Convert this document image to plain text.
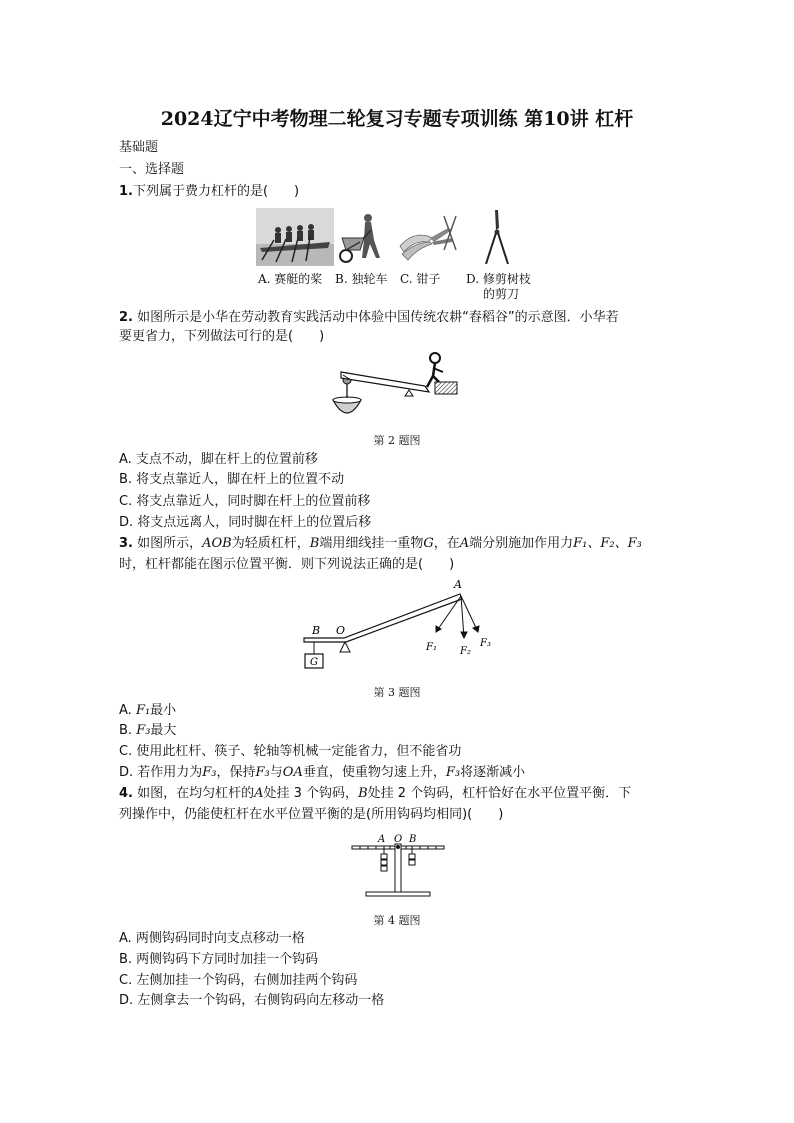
2024辽宁中考物理二轮复习专题专项训练 第10讲 杠杆
基础题
一、选择题
1.下列属于费力杠杆的是(　　)
A. 赛艇的桨 B. 独轮车 C. 钳子 D. 修剪树枝
的剪刀
2. 如图所示是小华在劳动教育实践活动中体验中国传统农耕“舂稻谷”的示意图．小华若
要更省力，下列做法可行的是(　　)
第 2 题图
A. 支点不动，脚在杆上的位置前移
B. 将支点靠近人，脚在杆上的位置不动
C. 将支点靠近人，同时脚在杆上的位置前移
D. 将支点远离人，同时脚在杆上的位置后移
3. 如图所示，AOB为轻质杠杆，B端用细线挂一重物G，在A端分别施加作用力F₁、F₂、F₃
时，杠杆都能在图示位置平衡．则下列说法正确的是(　　)
A
B O
G
F₁ F₂
F₃
第 3 题图
A. F₁最小
B. F₃最大
C. 使用此杠杆、筷子、轮轴等机械一定能省力，但不能省功
D. 若作用力为F₃，保持F₃与OA垂直，使重物匀速上升，F₃将逐渐减小
4. 如图，在均匀杠杆的A处挂 3 个钩码，B处挂 2 个钩码，杠杆恰好在水平位置平衡．下
列操作中，仍能使杠杆在水平位置平衡的是(所用钩码均相同)(　　)
A O B
第 4 题图
A. 两侧钩码同时向支点移动一格
B. 两侧钩码下方同时加挂一个钩码
C. 左侧加挂一个钩码，右侧加挂两个钩码
D. 左侧拿去一个钩码，右侧钩码向左移动一格
